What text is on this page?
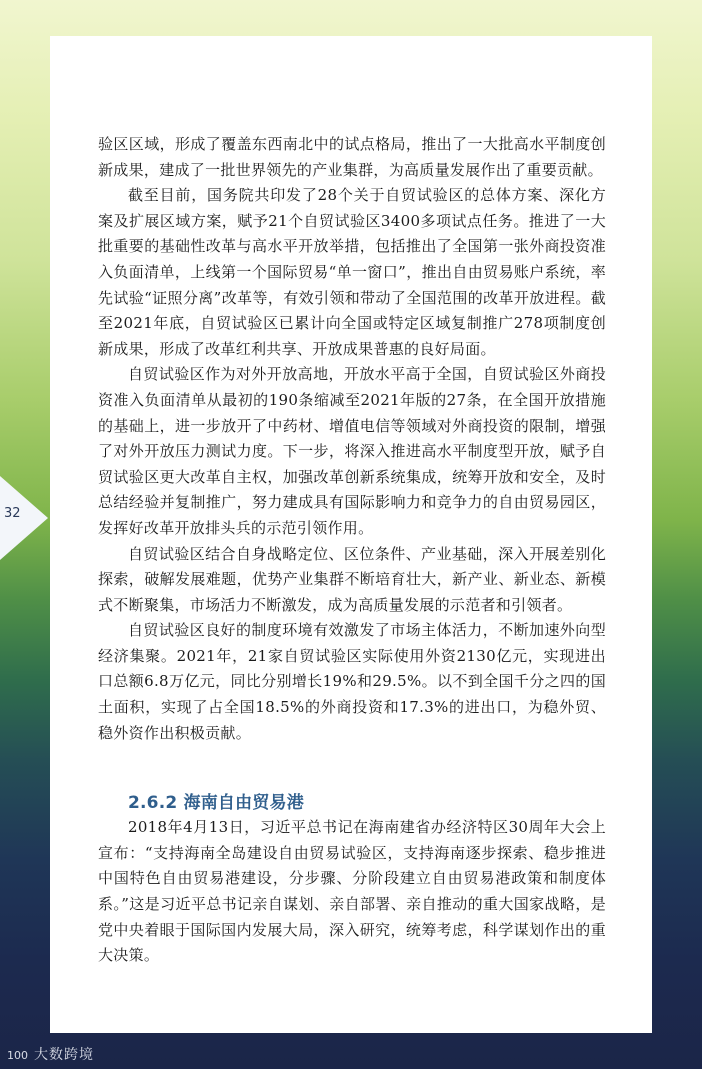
32

验区区域，形成了覆盖东西南北中的试点格局，推出了一大批高水平制度创新成果，建成了一批世界领先的产业集群，为高质量发展作出了重要贡献。

截至目前，国务院共印发了28个关于自贸试验区的总体方案、深化方案及扩展区域方案，赋予21个自贸试验区3400多项试点任务。推进了一大批重要的基础性改革与高水平开放举措，包括推出了全国第一张外商投资准入负面清单，上线第一个国际贸易“单一窗口”，推出自由贸易账户系统，率先试验“证照分离”改革等，有效引领和带动了全国范围的改革开放进程。截至2021年底，自贸试验区已累计向全国或特定区域复制推广278项制度创新成果，形成了改革红利共享、开放成果普惠的良好局面。

自贸试验区作为对外开放高地，开放水平高于全国，自贸试验区外商投资准入负面清单从最初的190条缩减至2021年版的27条，在全国开放措施的基础上，进一步放开了中药材、增值电信等领域对外商投资的限制，增强了对外开放压力测试力度。下一步，将深入推进高水平制度型开放，赋予自贸试验区更大改革自主权，加强改革创新系统集成，统筹开放和安全，及时总结经验并复制推广，努力建成具有国际影响力和竞争力的自由贸易园区，发挥好改革开放排头兵的示范引领作用。

自贸试验区结合自身战略定位、区位条件、产业基础，深入开展差别化探索，破解发展难题，优势产业集群不断培育壮大，新产业、新业态、新模式不断聚集，市场活力不断激发，成为高质量发展的示范者和引领者。

自贸试验区良好的制度环境有效激发了市场主体活力，不断加速外向型经济集聚。2021年，21家自贸试验区实际使用外资2130亿元，实现进出口总额6.8万亿元，同比分别增长19%和29.5%。以不到全国千分之四的国土面积，实现了占全国18.5%的外商投资和17.3%的进出口，为稳外贸、稳外资作出积极贡献。

2.6.2 海南自由贸易港

2018年4月13日，习近平总书记在海南建省办经济特区30周年大会上宣布：“支持海南全岛建设自由贸易试验区，支持海南逐步探索、稳步推进中国特色自由贸易港建设，分步骤、分阶段建立自由贸易港政策和制度体系。”这是习近平总书记亲自谋划、亲自部署、亲自推动的重大国家战略，是党中央着眼于国际国内发展大局，深入研究，统筹考虑，科学谋划作出的重大决策。

100 大数跨境
